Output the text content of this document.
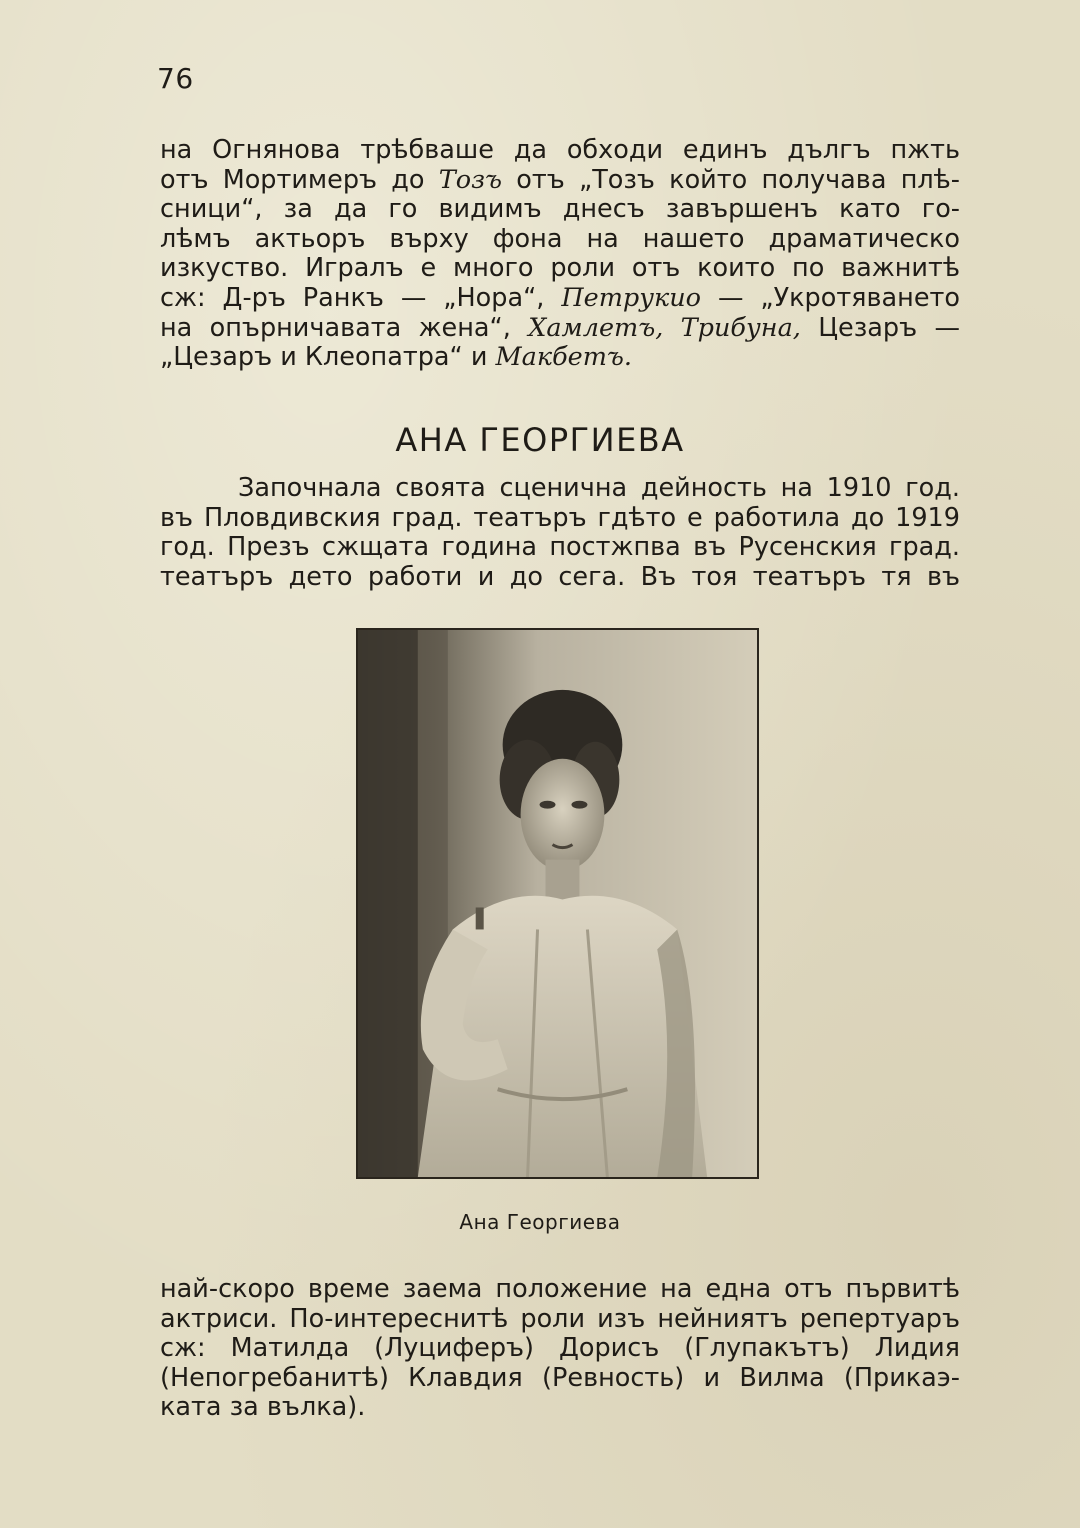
76
на Огнянова трѣбваше да обходи единъ дългъ пжть
отъ Мортимеръ до Тозъ отъ „Тозъ който получава плѣ-
сници“, за да го видимъ днесъ завършенъ като го-
лѣмъ актьоръ върху фона на нашето драматическо
изкуство. Игралъ е много роли отъ които по важнитѣ
сж: Д-ръ Ранкъ — „Нора“, Петрукио — „Укротяването
на опърничавата жена“, Хамлетъ, Трибуна, Цезаръ —
„Цезаръ и Клеопатра“ и Макбетъ.
АНА ГЕОРГИЕВА
Започнала своята сценична дейность на 1910 год.
въ Пловдивския град. театъръ гдѣто е работила до 1919
год. Презъ сжщата година постжпва въ Русенския град.
театъръ дето работи и до сега. Въ тоя театъръ тя въ
Ана Георгиева
най-скоро време заема положение на една отъ първитѣ
актриси. По-интереснитѣ роли изъ нейниятъ репертуаръ
сж: Матилда (Луциферъ) Дорисъ (Глупакътъ) Лидия
(Непогребанитѣ) Клавдия (Ревность) и Вилма (Прикаэ-
ката за вълка).
